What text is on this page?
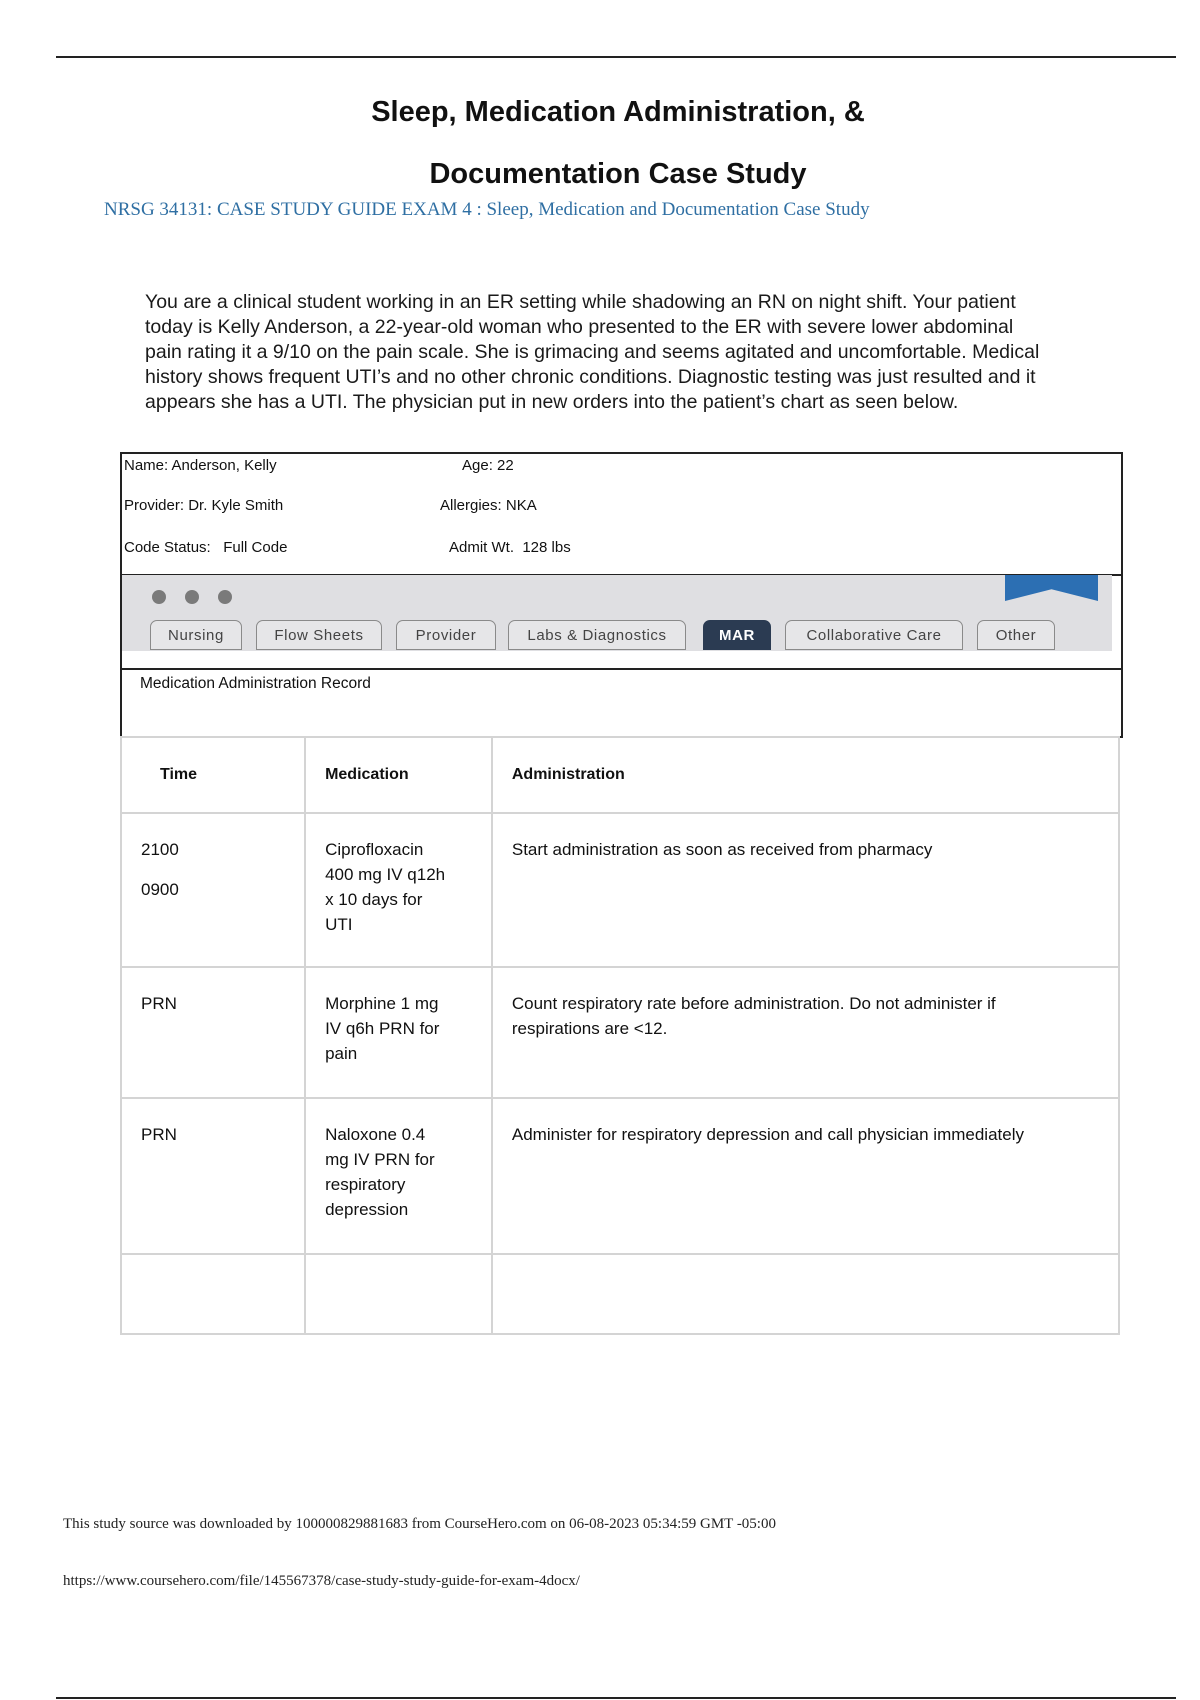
Sleep, Medication Administration, &
Documentation Case Study
NRSG 34131: CASE STUDY GUIDE EXAM 4 : Sleep, Medication and Documentation Case Study
You are a clinical student working in an ER setting while shadowing an RN on night shift. Your patient
today is Kelly Anderson, a 22-year-old woman who presented to the ER with severe lower abdominal
pain rating it a 9/10 on the pain scale. She is grimacing and seems agitated and uncomfortable. Medical
history shows frequent UTI’s and no other chronic conditions. Diagnostic testing was just resulted and it
appears she has a UTI. The physician put in new orders into the patient’s chart as seen below.
Name: Anderson, Kelly	Age: 22
Provider: Dr. Kyle Smith	Allergies: NKA
Code Status:   Full Code	Admit Wt.  128 lbs
Nursing	Flow Sheets	Provider	Labs & Diagnostics	MAR	Collaborative Care	Other
Medication Administration Record
Time	Medication	Administration

2100
0900	Ciprofloxacin
400 mg IV q12h
x 10 days for
UTI	Start administration as soon as received from pharmacy

PRN	Morphine 1 mg
IV q6h PRN for
pain	Count respiratory rate before administration. Do not administer if
respirations are <12.

PRN	Naloxone 0.4
mg IV PRN for
respiratory
depression	Administer for respiratory depression and call physician immediately

This study source was downloaded by 100000829881683 from CourseHero.com on 06-08-2023 05:34:59 GMT -05:00
https://www.coursehero.com/file/145567378/case-study-study-guide-for-exam-4docx/
